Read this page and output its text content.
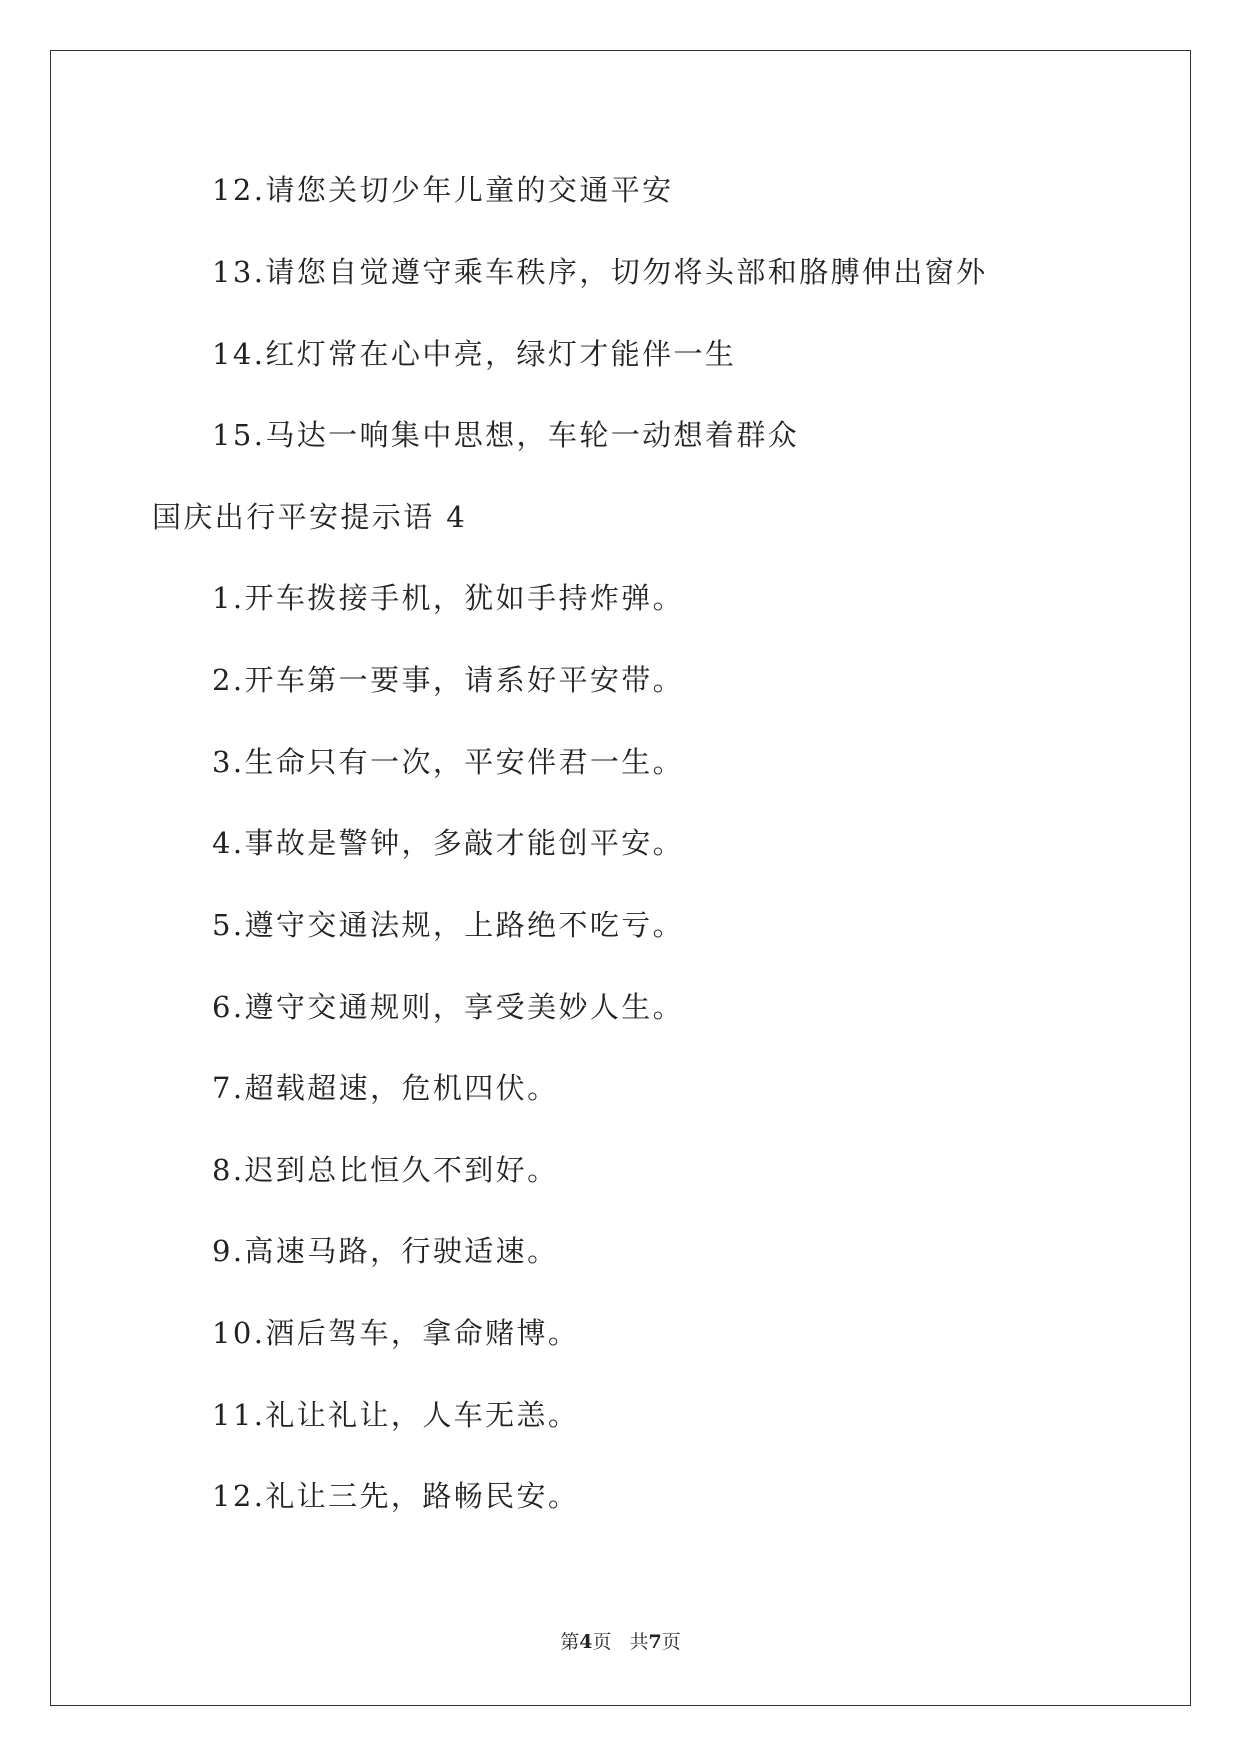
12.请您关切少年儿童的交通平安
13.请您自觉遵守乘车秩序，切勿将头部和胳膊伸出窗外
14.红灯常在心中亮，绿灯才能伴一生
15.马达一响集中思想，车轮一动想着群众
国庆出行平安提示语 4
1.开车拨接手机，犹如手持炸弹。
2.开车第一要事，请系好平安带。
3.生命只有一次，平安伴君一生。
4.事故是警钟，多敲才能创平安。
5.遵守交通法规，上路绝不吃亏。
6.遵守交通规则，享受美妙人生。
7.超载超速，危机四伏。
8.迟到总比恒久不到好。
9.高速马路，行驶适速。
10.酒后驾车，拿命赌博。
11.礼让礼让，人车无恙。
12.礼让三先，路畅民安。
第4页 共7页
